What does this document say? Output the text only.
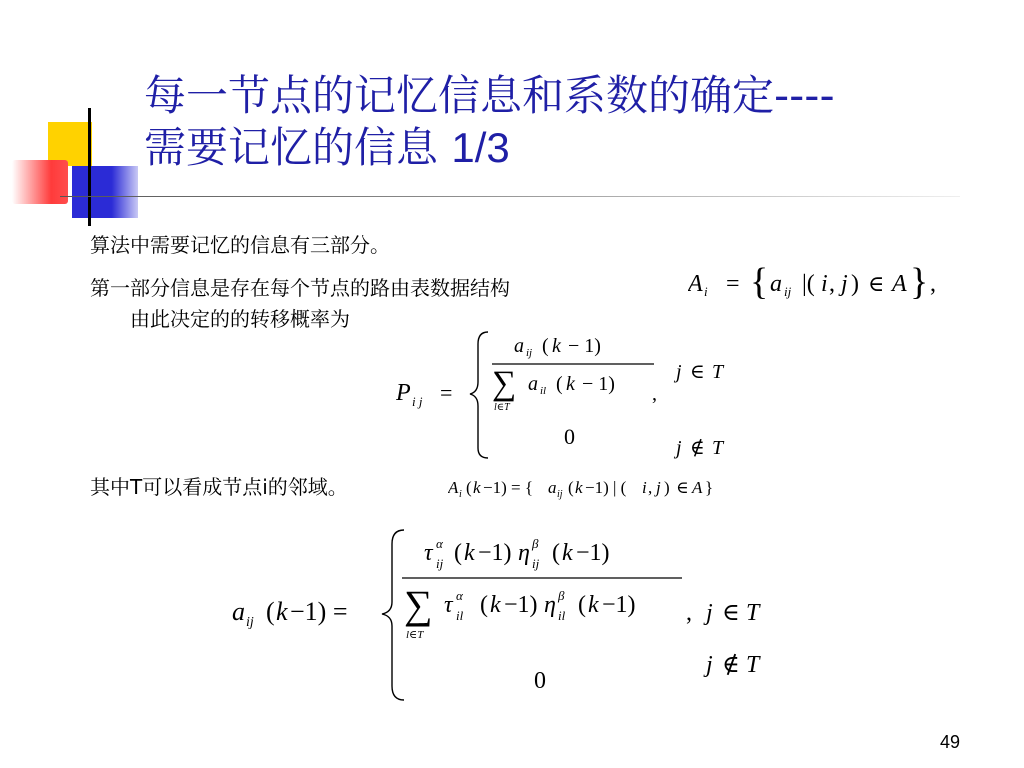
每一节点的记忆信息和系数的确定----
需要记忆的信息 1/3
算法中需要记忆的信息有三部分。
第一部分信息是存在每个节点的路由表数据结构
由此决定的的转移概率为
A i = { a ij |( i , j ) ∈ A } ,
P i j =
a ij ( k − 1)
∑
l∈T
a il ( k − 1) ,
j ∈ T
0	j ∉ T
其中T可以看成节点i的邻域。	A i ( k −1) = { a ij ( k −1) | ( i , j ) ∈ A }
a ij ( k −1) =
τ α
ij ( k −1) η β
ij ( k −1)
∑
l∈T
τ α
il ( k −1) η β
il ( k −1) , j ∈ T
0
j ∉ T
49
